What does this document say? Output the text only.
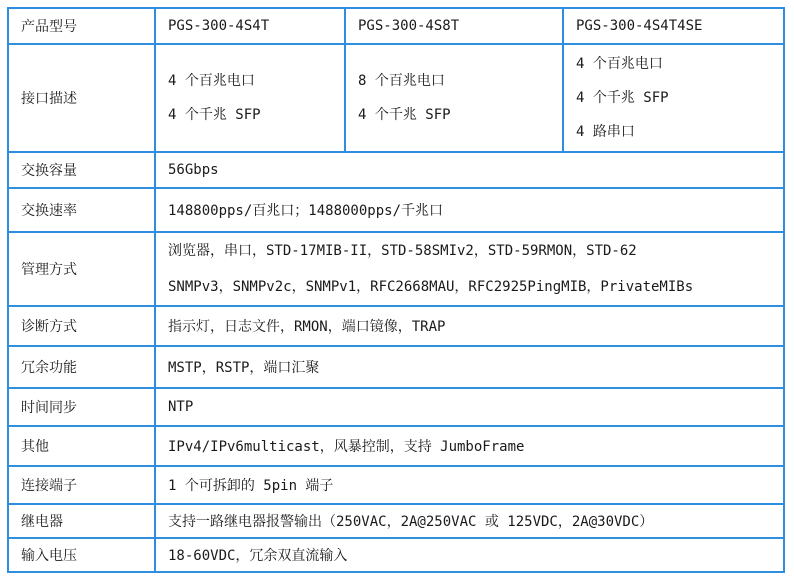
产品型号	PGS-300-4S4T	PGS-300-4S8T	PGS-300-4S4T4SE
接口描述	
4 个百兆电口
4 个千兆 SFP

8 个百兆电口
4 个千兆 SFP

4 个百兆电口
4 个千兆 SFP
4 路串口

交换容量	56Gbps		
交换速率	148800pps/百兆口；1488000pps/千兆口		
管理方式	浏览器，串口，STD-17MIB-II，STD-58SMIv2，STD-59RMON，STD-62
SNMPv3，SNMPv2c，SNMPv1，RFC2668MAU，RFC2925PingMIB，PrivateMIBs		

诊断方式	指示灯，日志文件，RMON，端口镜像，TRAP		
冗余功能	MSTP，RSTP，端口汇聚		
时间同步	NTP		
其他	IPv4/IPv6multicast，风暴控制，支持 JumboFrame		
连接端子	1 个可拆卸的 5pin 端子		
继电器	支持一路继电器报警输出（250VAC，2A@250VAC 或 125VDC，2A@30VDC）		
输入电压	18-60VDC，冗余双直流输入		
